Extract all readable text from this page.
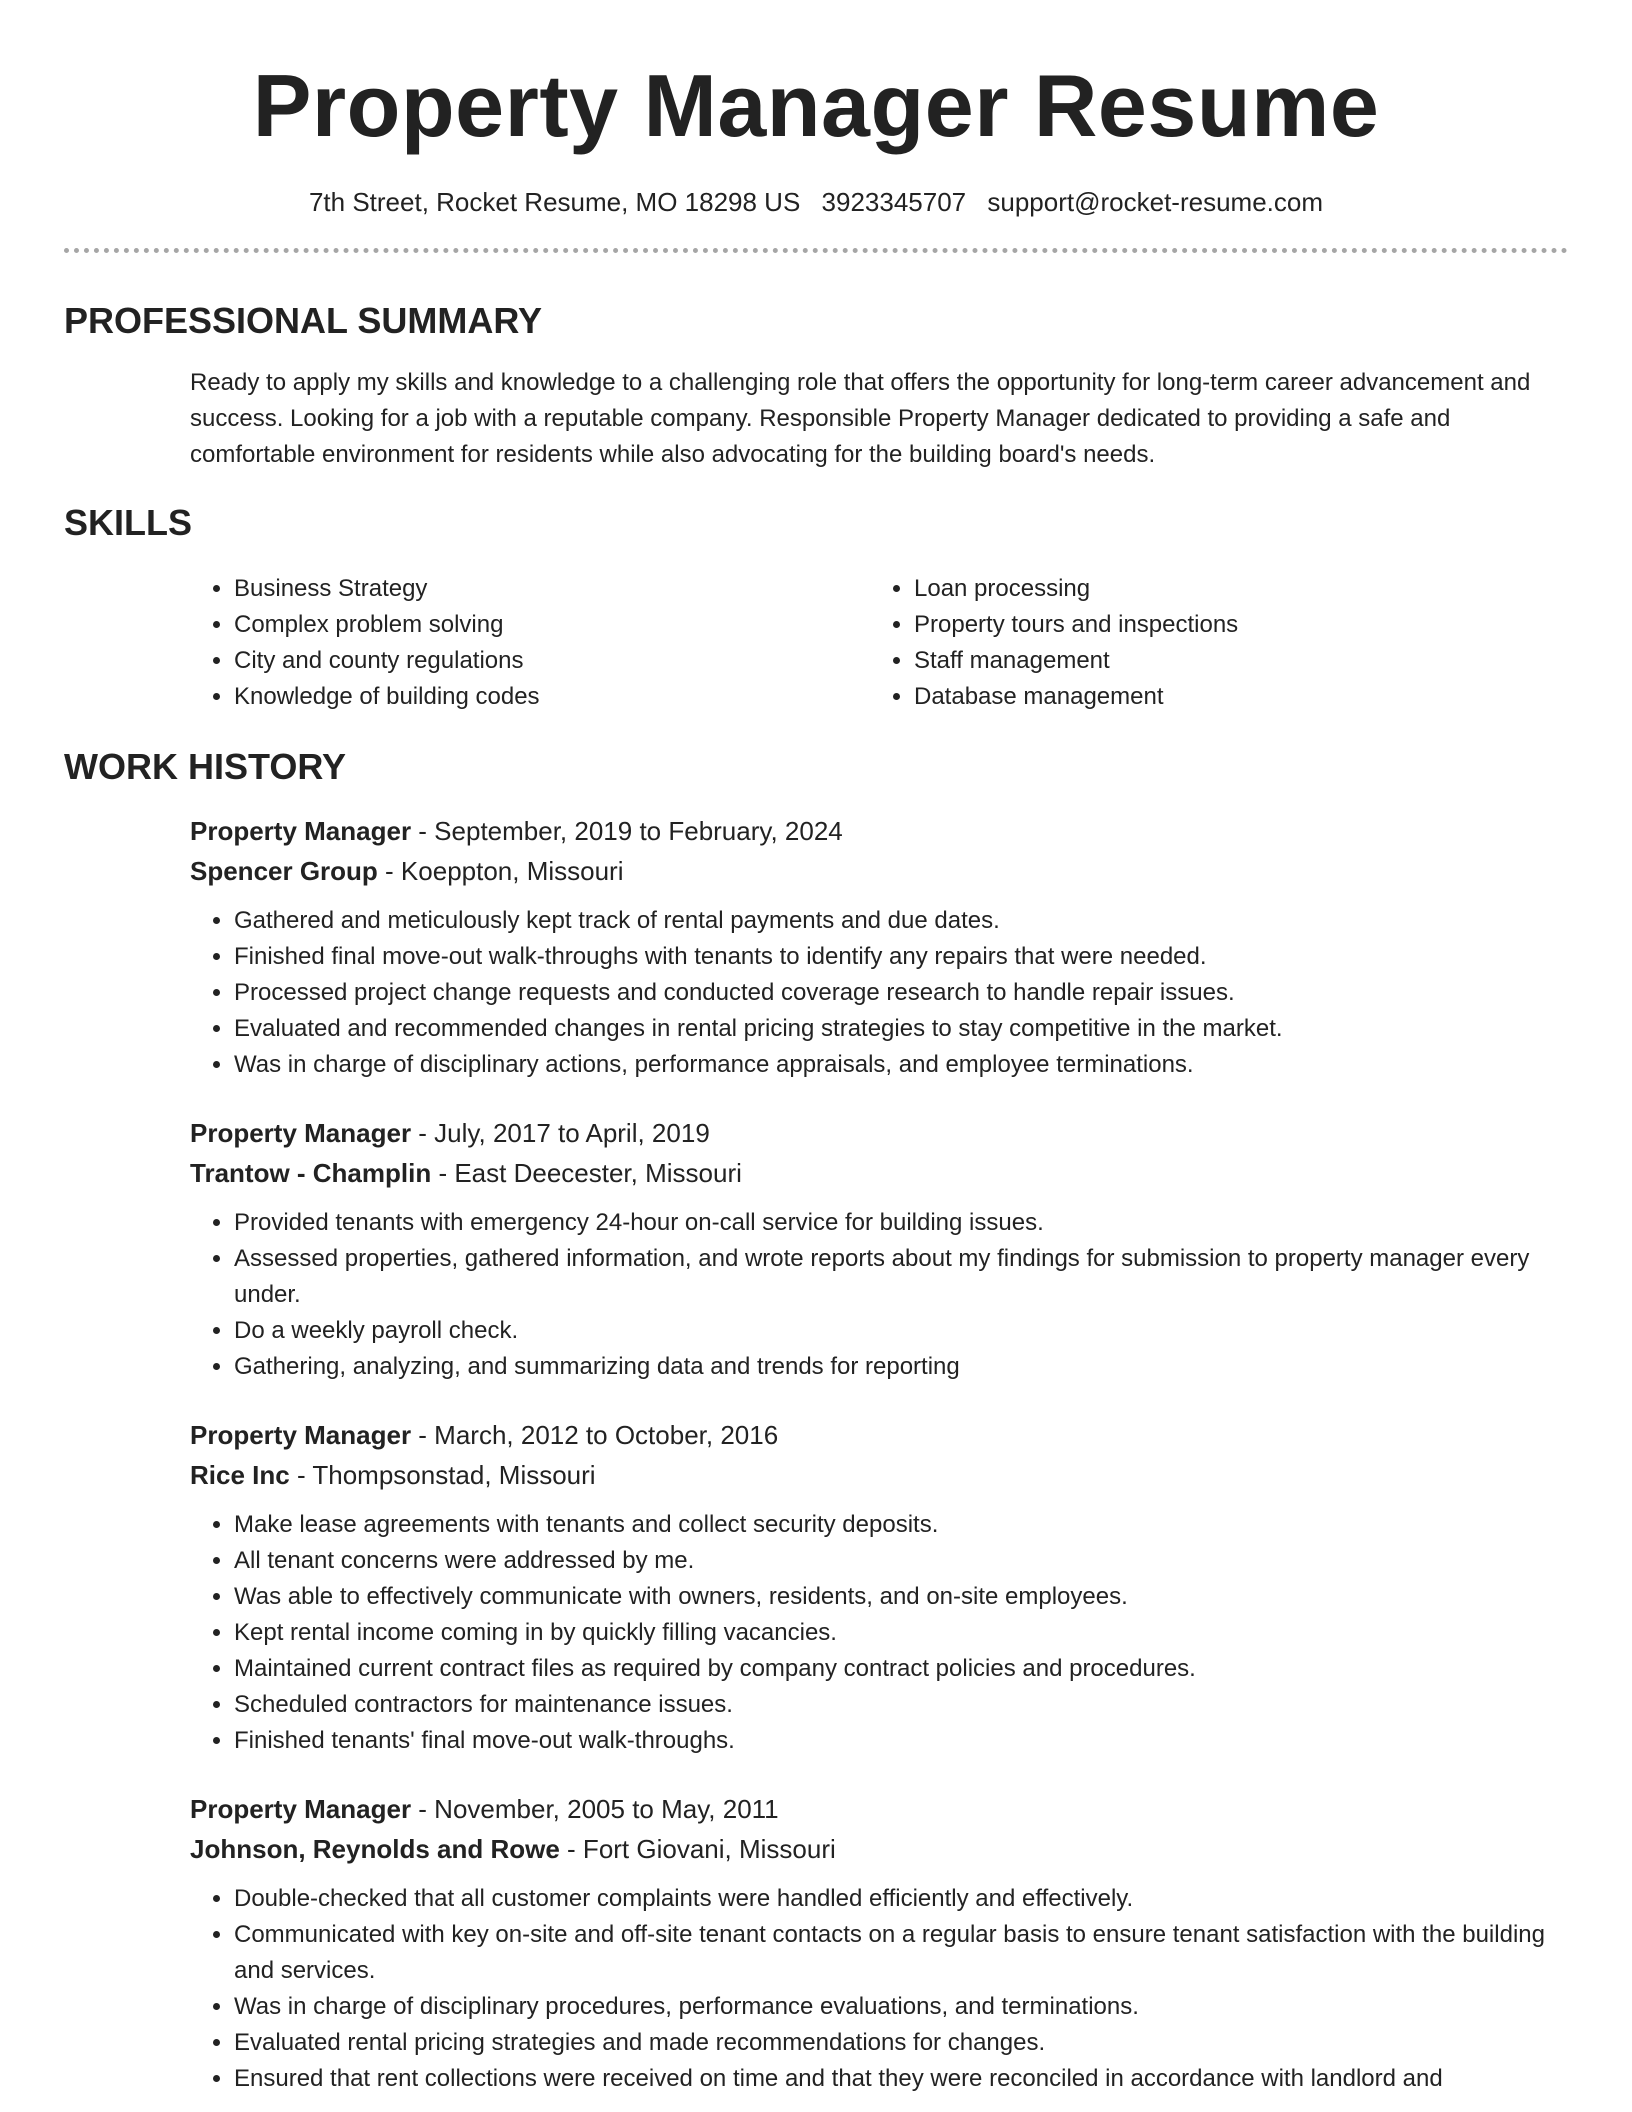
Property Manager Resume
7th Street, Rocket Resume, MO 18298 US 3923345707 support@rocket-resume.com
PROFESSIONAL SUMMARY

Ready to apply my skills and knowledge to a challenging role that offers the opportunity for long-term career advancement and success. Looking for a job with a reputable company. Responsible Property Manager dedicated to providing a safe and comfortable environment for residents while also advocating for the building board's needs.

SKILLS
• Business Strategy
• Complex problem solving
• City and county regulations
• Knowledge of building codes
• Loan processing
• Property tours and inspections
• Staff management
• Database management
WORK HISTORY
Property Manager - September, 2019 to February, 2024
Spencer Group - Koeppton, Missouri
• Gathered and meticulously kept track of rental payments and due dates.
• Finished final move-out walk-throughs with tenants to identify any repairs that were needed.
• Processed project change requests and conducted coverage research to handle repair issues.
• Evaluated and recommended changes in rental pricing strategies to stay competitive in the market.
• Was in charge of disciplinary actions, performance appraisals, and employee terminations.
Property Manager - July, 2017 to April, 2019
Trantow - Champlin - East Deecester, Missouri
• Provided tenants with emergency 24-hour on-call service for building issues.
• Assessed properties, gathered information, and wrote reports about my findings for submission to property manager every under.
• Do a weekly payroll check.
• Gathering, analyzing, and summarizing data and trends for reporting
Property Manager - March, 2012 to October, 2016
Rice Inc - Thompsonstad, Missouri
• Make lease agreements with tenants and collect security deposits.
• All tenant concerns were addressed by me.
• Was able to effectively communicate with owners, residents, and on-site employees.
• Kept rental income coming in by quickly filling vacancies.
• Maintained current contract files as required by company contract policies and procedures.
• Scheduled contractors for maintenance issues.
• Finished tenants' final move-out walk-throughs.
Property Manager - November, 2005 to May, 2011
Johnson, Reynolds and Rowe - Fort Giovani, Missouri
• Double-checked that all customer complaints were handled efficiently and effectively.
• Communicated with key on-site and off-site tenant contacts on a regular basis to ensure tenant satisfaction with the building and services.
• Was in charge of disciplinary procedures, performance evaluations, and terminations.
• Evaluated rental pricing strategies and made recommendations for changes.
• Ensured that rent collections were received on time and that they were reconciled in accordance with landlord and
